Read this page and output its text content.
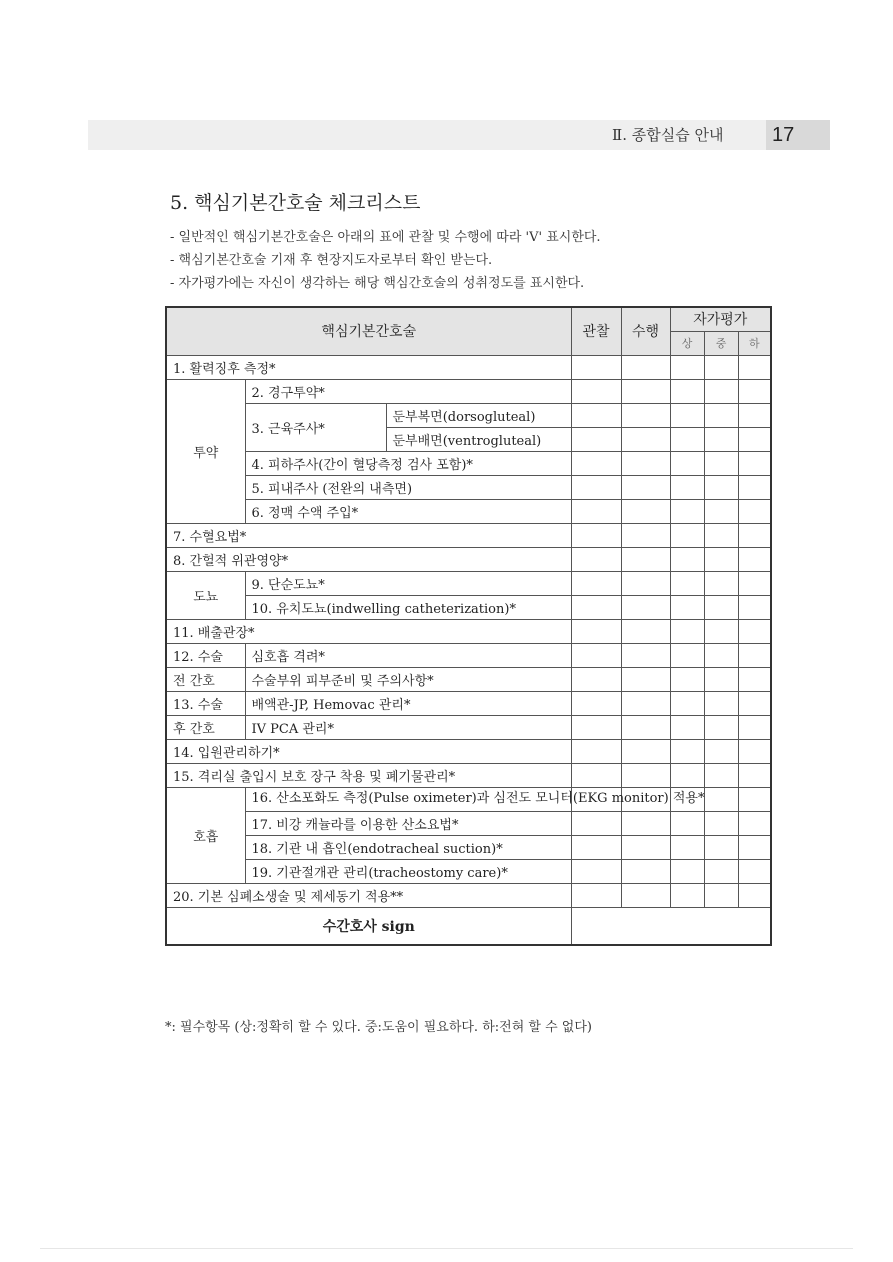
Ⅱ. 종합실습 안내	17
5. 핵심기본간호술 체크리스트
- 일반적인 핵심기본간호술은 아래의 표에 관찰 및 수행에 따라 'V' 표시한다.
- 핵심기본간호술 기재 후 현장지도자로부터 확인 받는다.
- 자가평가에는 자신이 생각하는 해당 핵심간호술의 성취정도를 표시한다.
핵심기본간호술			관찰	수행	자가평가		
					상	중	하
1. 활력징후 측정*							
투약	2. 경구투약*						
	3. 근육주사*	둔부복면(dorsogluteal)					
		둔부배면(ventrogluteal)					
	4. 피하주사(간이 혈당측정 검사 포함)*						
	5. 피내주사 (전완의 내측면)						
	6. 정맥 수액 주입*						
7. 수혈요법*							
8. 간헐적 위관영양*							
도뇨	9. 단순도뇨*						
	10. 유치도뇨(indwelling catheterization)*						
11. 배출관장*							
12. 수술	심호흡 격려*						
전 간호	수술부위 피부준비 및 주의사항*						
13. 수술	배액관-JP, Hemovac 관리*						
후 간호	IV PCA 관리*						
14. 입원관리하기*							
15. 격리실 출입시 보호 장구 착용 및 폐기물관리*							
호흡	16. 산소포화도 측정(Pulse oximeter)과 심전도 모니터(EKG monitor) 적용*						
	17. 비강 캐뉼라를 이용한 산소요법*						
	18. 기관 내 흡인(endotracheal suction)*						
	19. 기관절개관 관리(tracheostomy care)*						
20. 기본 심폐소생술 및 제세동기 적용**							
수간호사 sign							
*: 필수항목 (상:정확히 할 수 있다. 중:도움이 필요하다. 하:전혀 할 수 없다)
